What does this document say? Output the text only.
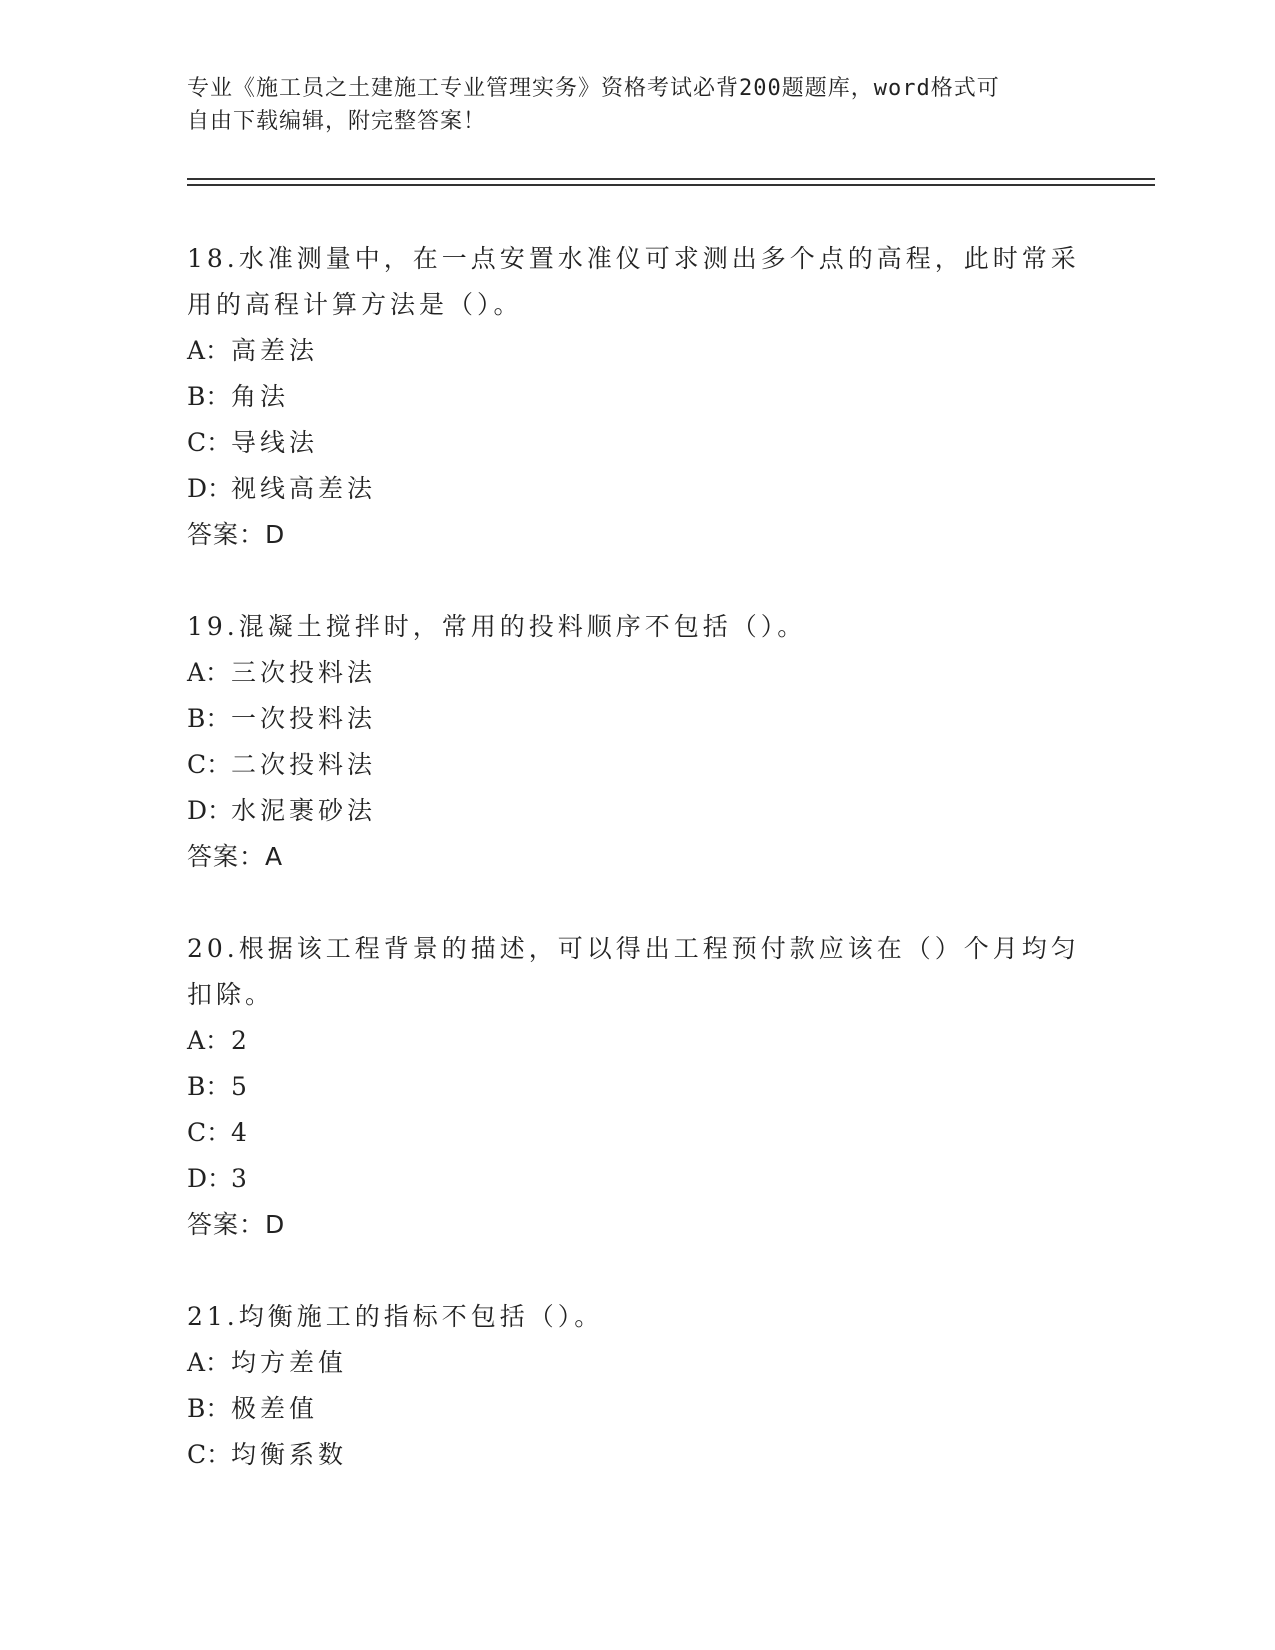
专业《施工员之土建施工专业管理实务》资格考试必背200题题库，word格式可
自由下载编辑，附完整答案！
18.水准测量中，在一点安置水准仪可求测出多个点的高程，此时常采
用的高程计算方法是（）。
A：高差法
B：角法
C：导线法
D：视线高差法
答案：D
19.混凝土搅拌时，常用的投料顺序不包括（）。
A：三次投料法
B：一次投料法
C：二次投料法
D：水泥裹砂法
答案：A
20.根据该工程背景的描述，可以得出工程预付款应该在（）个月均匀
扣除。
A：2
B：5
C：4
D：3
答案：D
21.均衡施工的指标不包括（）。
A：均方差值
B：极差值
C：均衡系数
